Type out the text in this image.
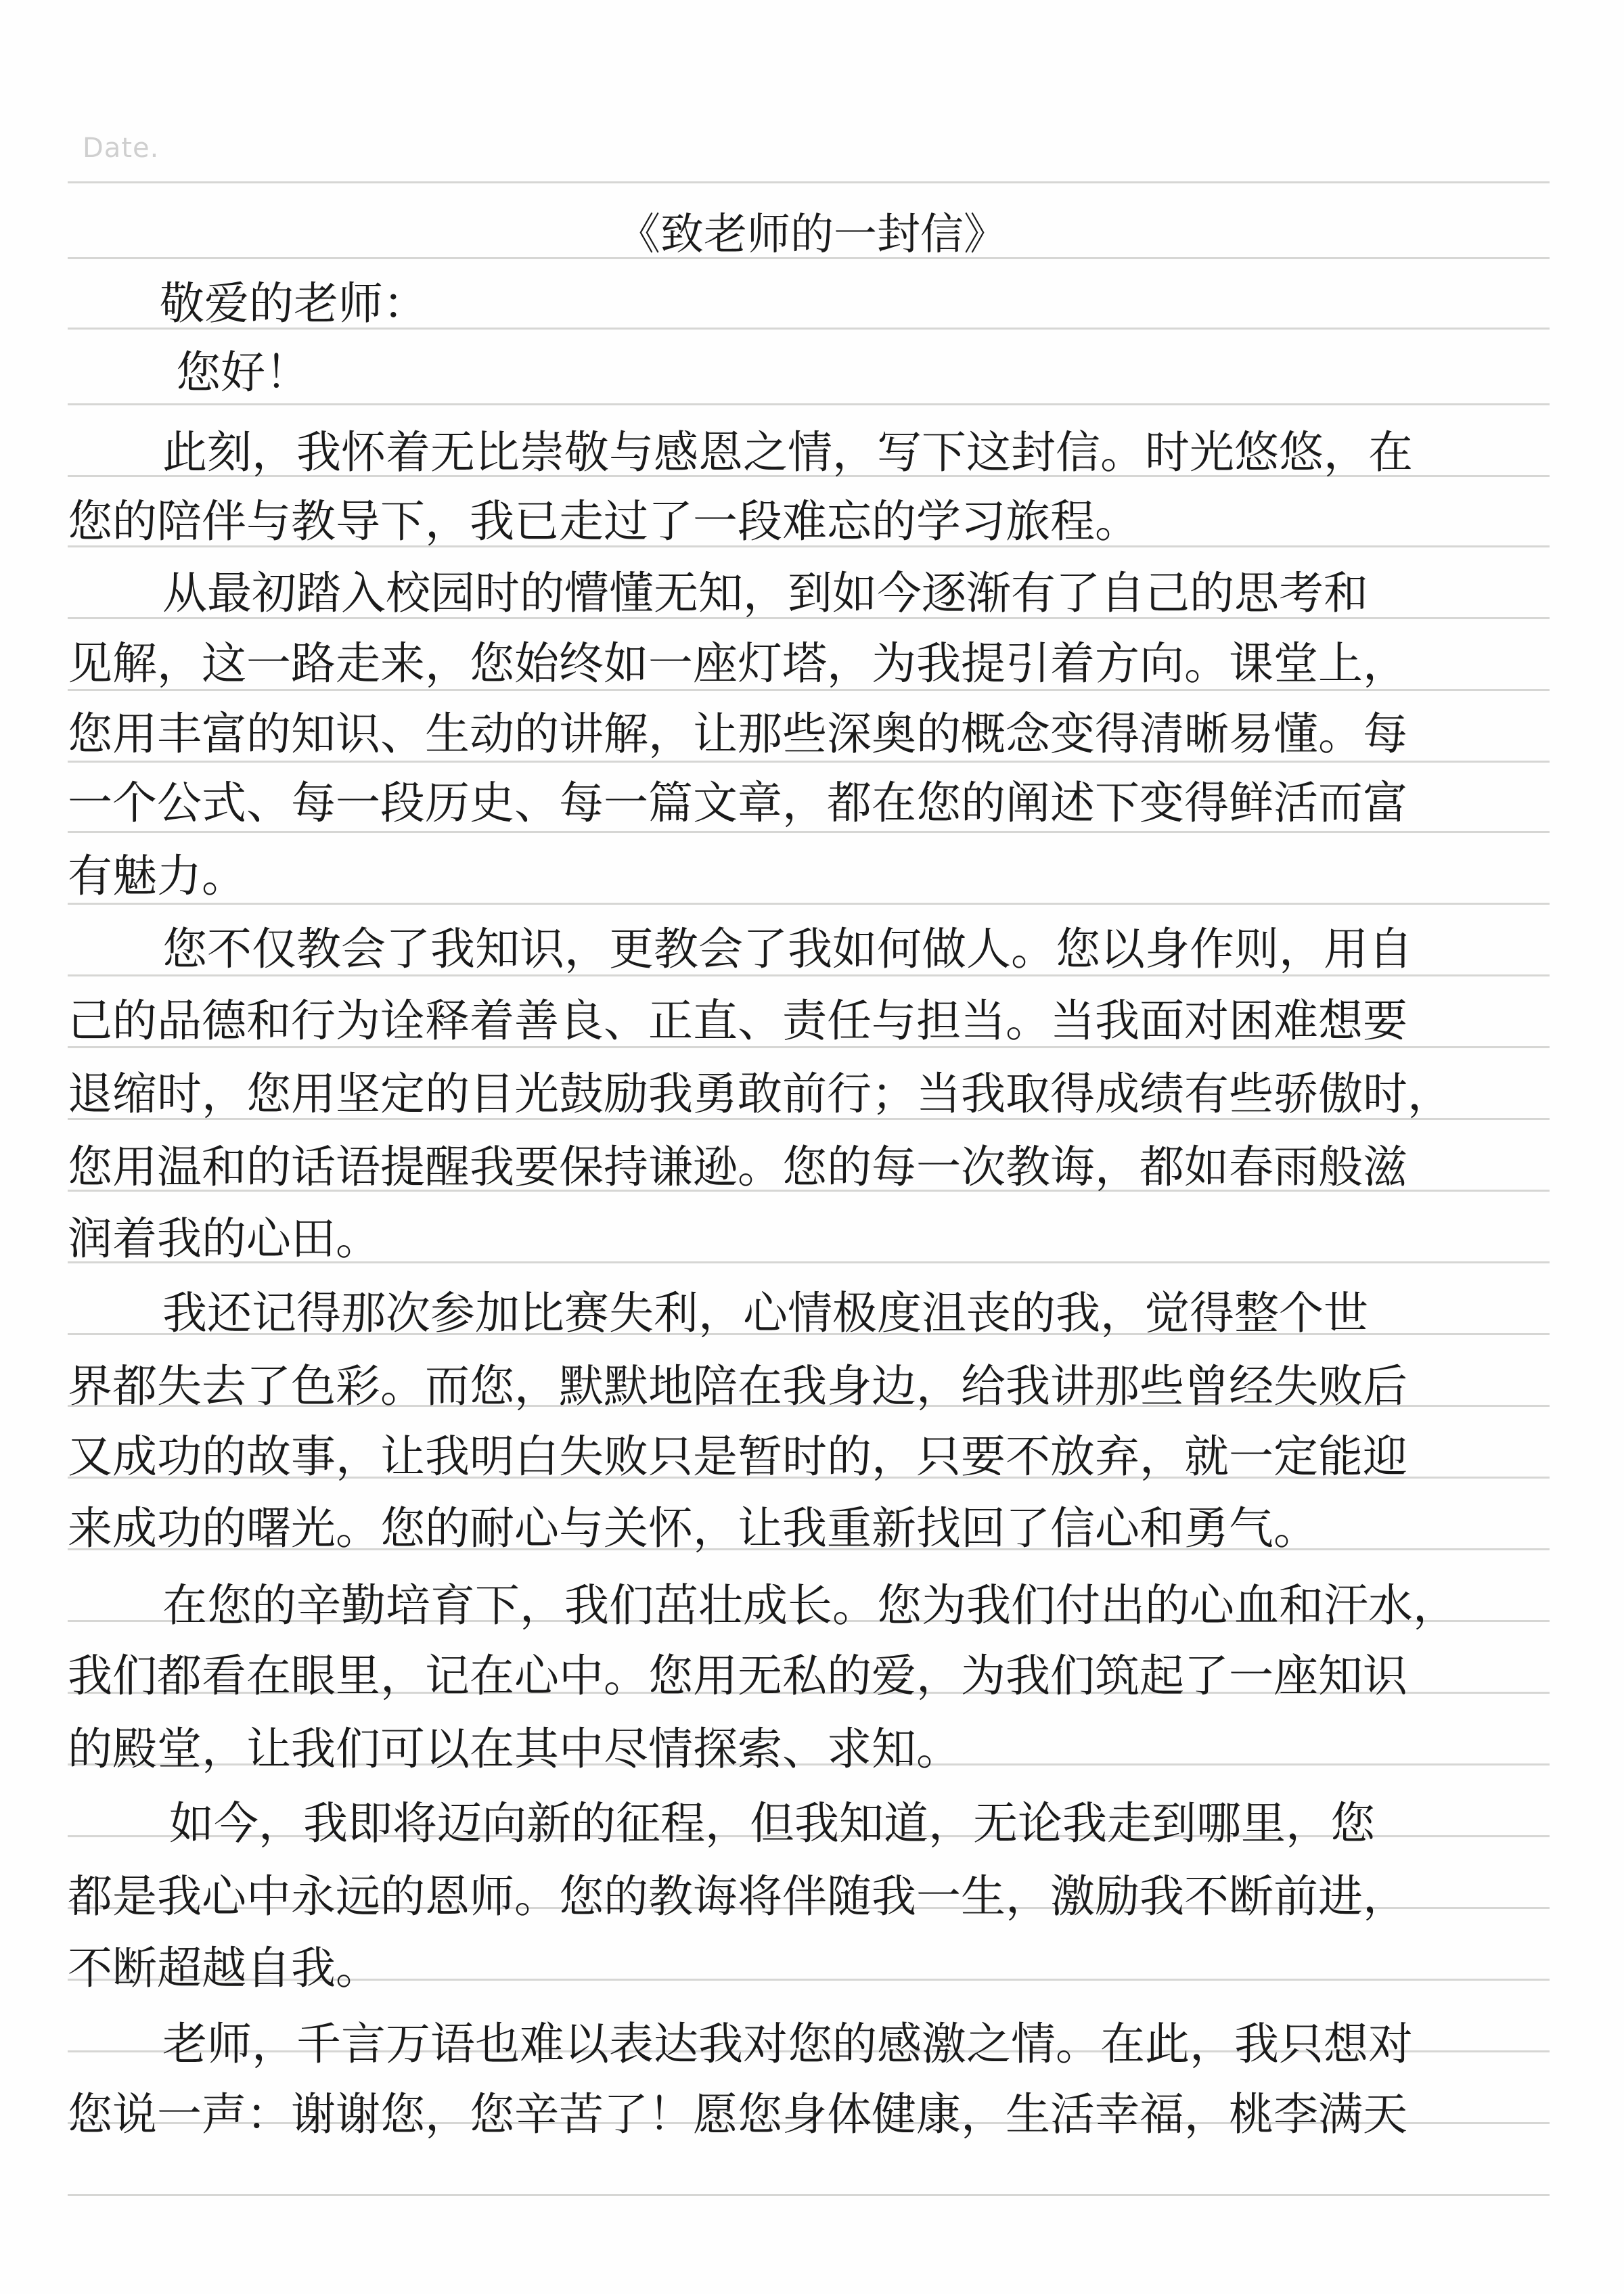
Date.
《致老师的一封信》
敬爱的老师：
您好！
此刻，我怀着无比崇敬与感恩之情，写下这封信。时光悠悠，在
您的陪伴与教导下，我已走过了一段难忘的学习旅程。
从最初踏入校园时的懵懂无知，到如今逐渐有了自己的思考和
见解，这一路走来，您始终如一座灯塔，为我提引着方向。课堂上，
您用丰富的知识、生动的讲解，让那些深奥的概念变得清晰易懂。每
一个公式、每一段历史、每一篇文章，都在您的阐述下变得鲜活而富
有魅力。
您不仅教会了我知识，更教会了我如何做人。您以身作则，用自
己的品德和行为诠释着善良、正直、责任与担当。当我面对困难想要
退缩时，您用坚定的目光鼓励我勇敢前行；当我取得成绩有些骄傲时，
您用温和的话语提醒我要保持谦逊。您的每一次教诲，都如春雨般滋
润着我的心田。
我还记得那次参加比赛失利，心情极度沮丧的我，觉得整个世
界都失去了色彩。而您，默默地陪在我身边，给我讲那些曾经失败后
又成功的故事，让我明白失败只是暂时的，只要不放弃，就一定能迎
来成功的曙光。您的耐心与关怀，让我重新找回了信心和勇气。
在您的辛勤培育下，我们茁壮成长。您为我们付出的心血和汗水，
我们都看在眼里，记在心中。您用无私的爱，为我们筑起了一座知识
的殿堂，让我们可以在其中尽情探索、求知。
如今，我即将迈向新的征程，但我知道，无论我走到哪里，您
都是我心中永远的恩师。您的教诲将伴随我一生，激励我不断前进，
不断超越自我。
老师，千言万语也难以表达我对您的感激之情。在此，我只想对
您说一声：谢谢您，您辛苦了！愿您身体健康，生活幸福，桃李满天
